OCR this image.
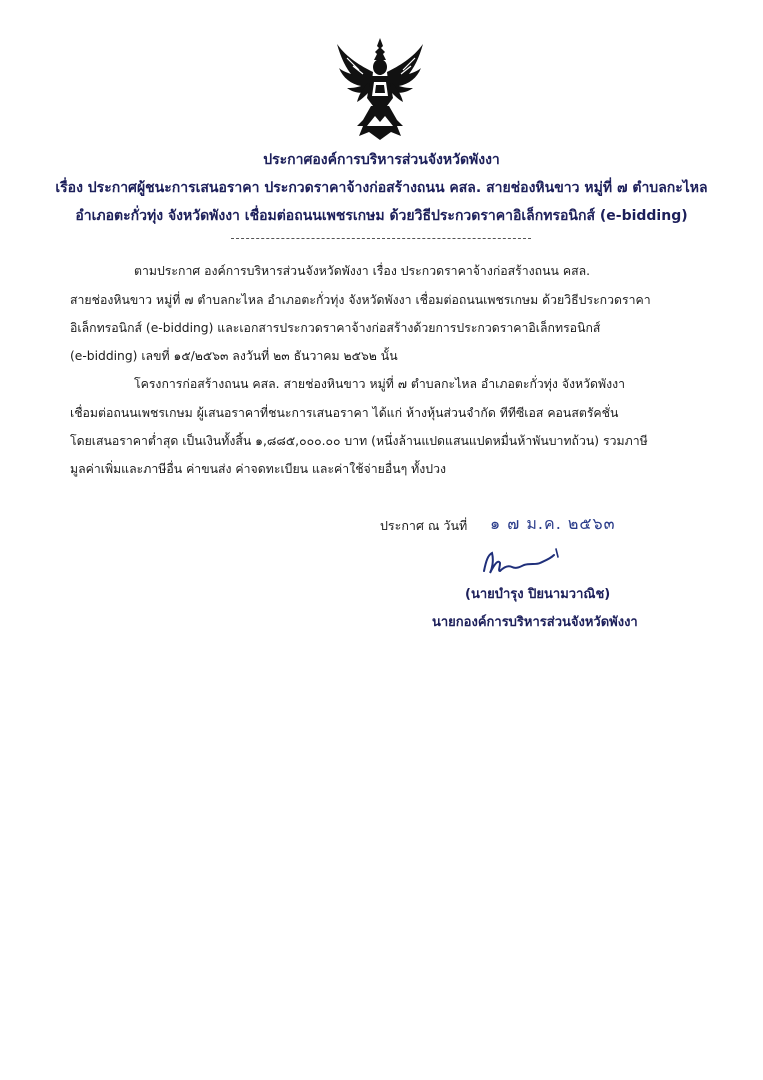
ประกาศองค์การบริหารส่วนจังหวัดพังงา
เรื่อง ประกาศผู้ชนะการเสนอราคา ประกวดราคาจ้างก่อสร้างถนน คสล. สายช่องหินขาว หมู่ที่ ๗ ตำบลกะไหล
อำเภอตะกั่วทุ่ง จังหวัดพังงา เชื่อมต่อถนนเพชรเกษม ด้วยวิธีประกวดราคาอิเล็กทรอนิกส์ (e-bidding)
ตามประกาศ องค์การบริหารส่วนจังหวัดพังงา เรื่อง ประกวดราคาจ้างก่อสร้างถนน คสล.
สายช่องหินขาว หมู่ที่ ๗ ตำบลกะไหล อำเภอตะกั่วทุ่ง จังหวัดพังงา เชื่อมต่อถนนเพชรเกษม ด้วยวิธีประกวดราคา
อิเล็กทรอนิกส์ (e-bidding) และเอกสารประกวดราคาจ้างก่อสร้างด้วยการประกวดราคาอิเล็กทรอนิกส์
(e-bidding) เลขที่ ๑๕/๒๕๖๓ ลงวันที่ ๒๓ ธันวาคม ๒๕๖๒ นั้น
โครงการก่อสร้างถนน คสล. สายช่องหินขาว หมู่ที่ ๗ ตำบลกะไหล อำเภอตะกั่วทุ่ง จังหวัดพังงา
เชื่อมต่อถนนเพชรเกษม ผู้เสนอราคาที่ชนะการเสนอราคา ได้แก่ ห้างหุ้นส่วนจำกัด ทีทีซีเอส คอนสตรัคชั่น
โดยเสนอราคาต่ำสุด เป็นเงินทั้งสิ้น ๑,๘๘๕,๐๐๐.๐๐ บาท (หนึ่งล้านแปดแสนแปดหมื่นห้าพันบาทถ้วน) รวมภาษี
มูลค่าเพิ่มและภาษีอื่น ค่าขนส่ง ค่าจดทะเบียน และค่าใช้จ่ายอื่นๆ ทั้งปวง
ประกาศ ณ วันที่ ๑ ๗ ม.ค. ๒๕๖๓
(นายบำรุง ปิยนามวาณิช)
นายกองค์การบริหารส่วนจังหวัดพังงา
